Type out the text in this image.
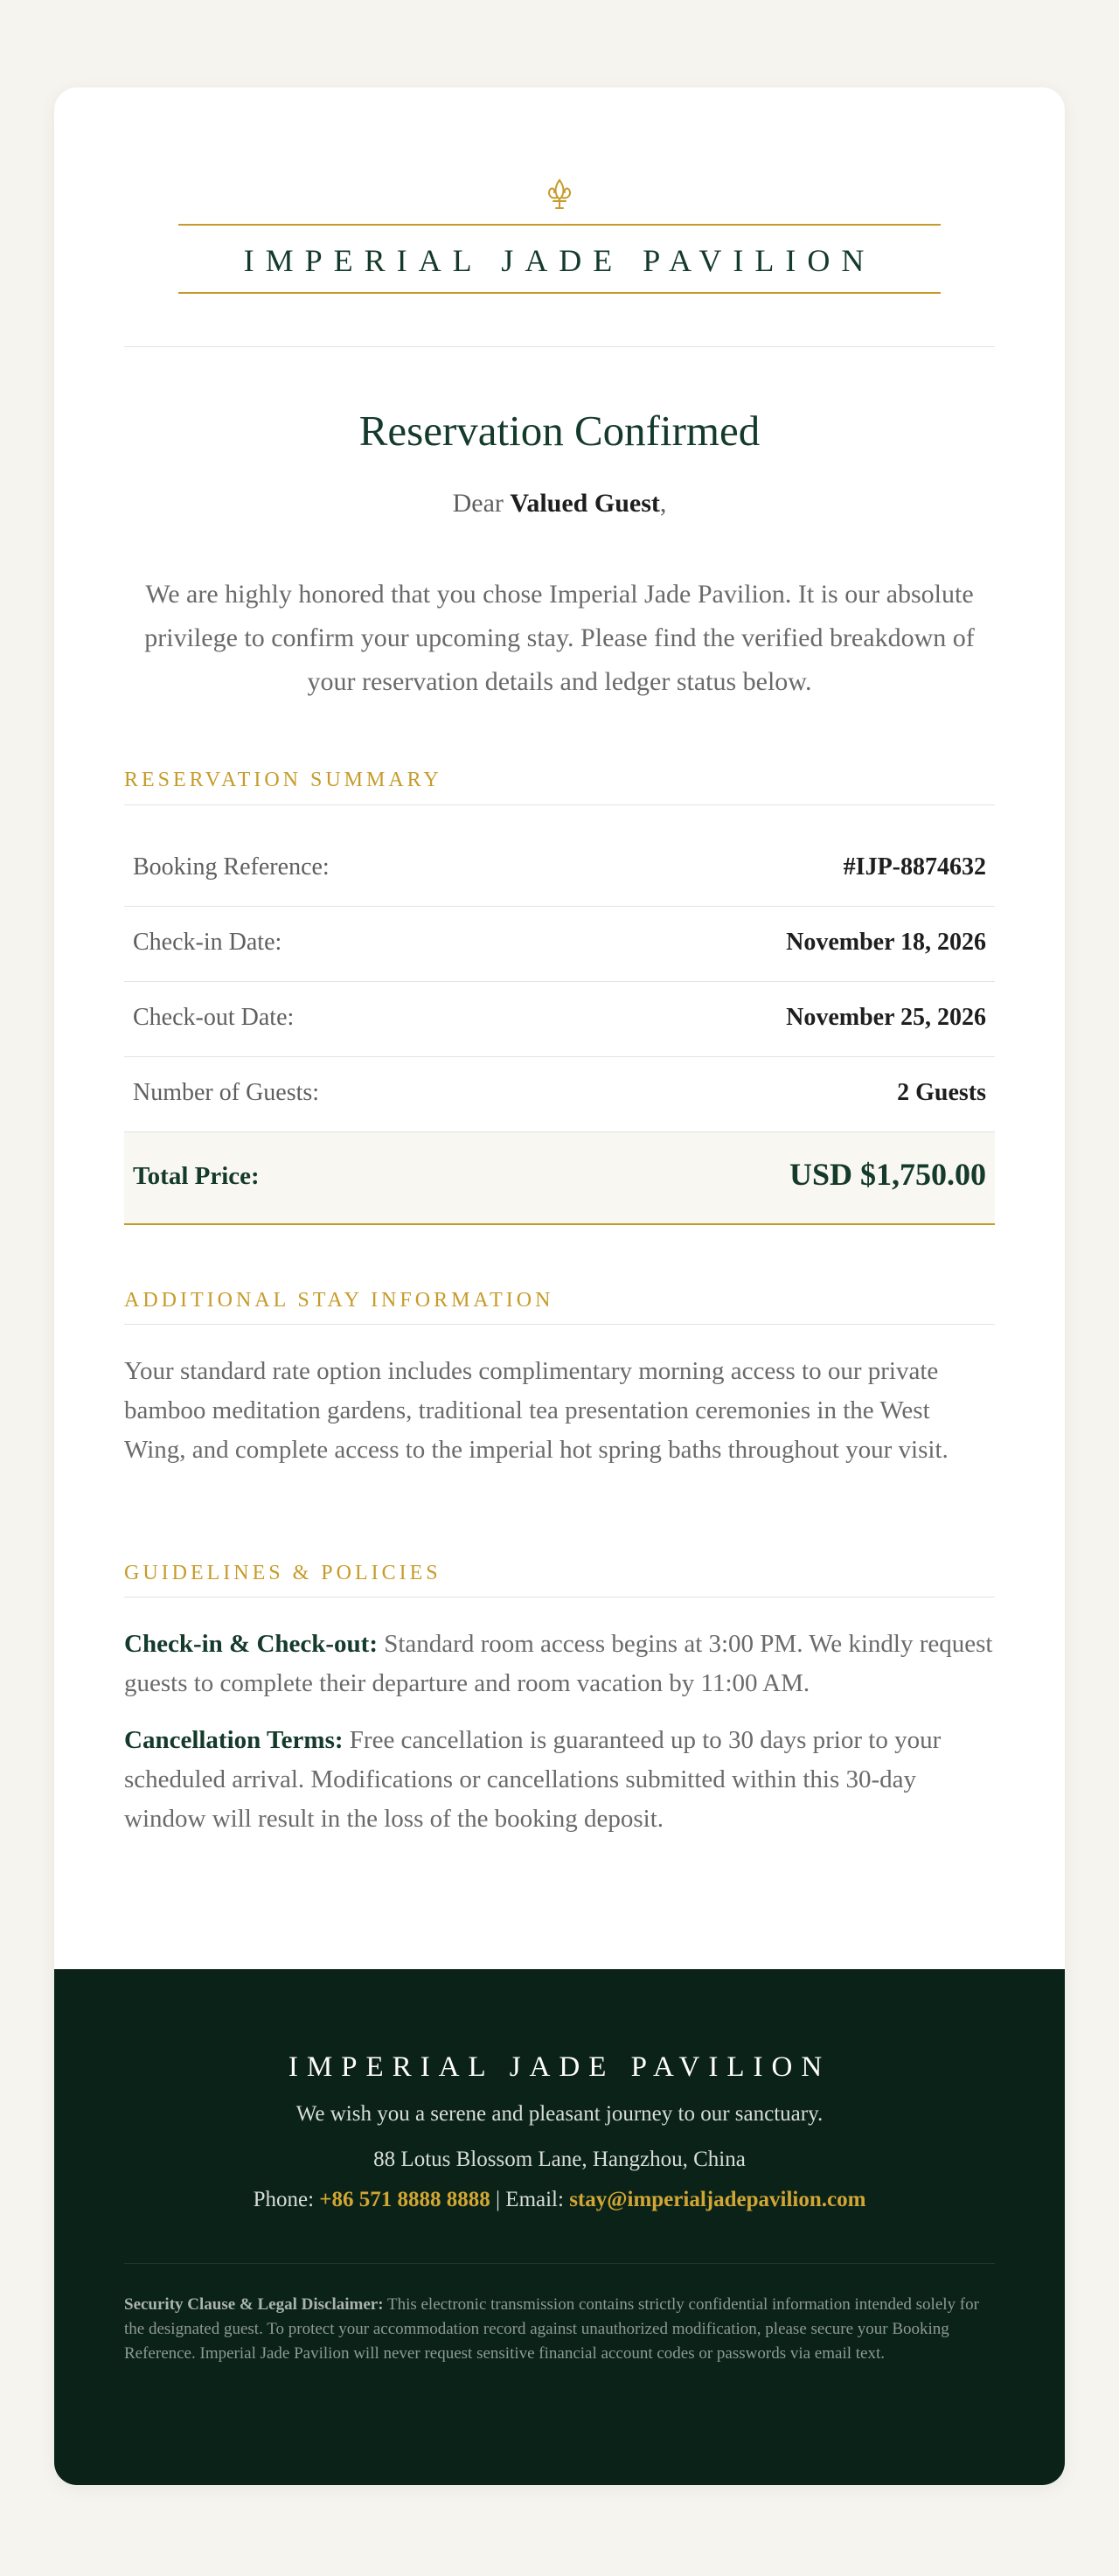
IMPERIAL JADE PAVILION
Reservation Confirmed
Dear Valued Guest,
We are highly honored that you chose Imperial Jade Pavilion. It is our absolute privilege to confirm your upcoming stay. Please find the verified breakdown of your reservation details and ledger status below.
RESERVATION SUMMARY
Booking Reference:	#IJP-8874632
Check-in Date:	November 18, 2026
Check-out Date:	November 25, 2026
Number of Guests:	2 Guests
Total Price:	USD $1,750.00
ADDITIONAL STAY INFORMATION
Your standard rate option includes complimentary morning access to our private bamboo meditation gardens, traditional tea presentation ceremonies in the West Wing, and complete access to the imperial hot spring baths throughout your visit.
GUIDELINES & POLICIES
Check-in & Check-out: Standard room access begins at 3:00 PM. We kindly request guests to complete their departure and room vacation by 11:00 AM.
Cancellation Terms: Free cancellation is guaranteed up to 30 days prior to your scheduled arrival. Modifications or cancellations submitted within this 30-day window will result in the loss of the booking deposit.
IMPERIAL JADE PAVILION
We wish you a serene and pleasant journey to our sanctuary.
88 Lotus Blossom Lane, Hangzhou, China
Phone: +86 571 8888 8888 | Email: stay@imperialjadepavilion.com
Security Clause & Legal Disclaimer: This electronic transmission contains strictly confidential information intended solely for the designated guest. To protect your accommodation record against unauthorized modification, please secure your Booking Reference. Imperial Jade Pavilion will never request sensitive financial account codes or passwords via email text.
